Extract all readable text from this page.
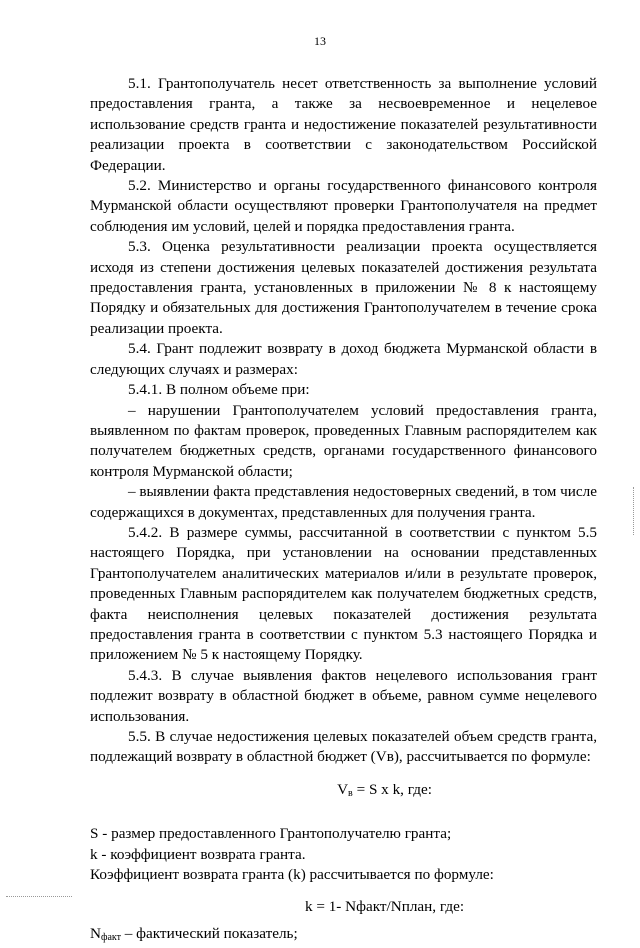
13

5.1. Грантополучатель несет ответственность за выполнение условий предоставления гранта, а также за несвоевременное и нецелевое использование средств гранта и недостижение показателей результативности реализации проекта в соответствии с законодательством Российской Федерации.

5.2. Министерство и органы государственного финансового контроля Мурманской области осуществляют проверки Грантополучателя на предмет соблюдения им условий, целей и порядка предоставления гранта.

5.3. Оценка результативности реализации проекта осуществляется исходя из степени достижения целевых показателей достижения результата предоставления гранта, установленных в приложении № 8 к настоящему Порядку и обязательных для достижения Грантополучателем в течение срока реализации проекта.

5.4. Грант подлежит возврату в доход бюджета Мурманской области в следующих случаях и размерах:

5.4.1. В полном объеме при:

– нарушении Грантополучателем условий предоставления гранта, выявленном по фактам проверок, проведенных Главным распорядителем как получателем бюджетных средств, органами государственного финансового контроля Мурманской области;

– выявлении факта представления недостоверных сведений, в том числе содержащихся в документах, представленных для получения гранта.

5.4.2. В размере суммы, рассчитанной в соответствии с пунктом 5.5 настоящего Порядка, при установлении на основании представленных Грантополучателем аналитических материалов и/или в результате проверок, проведенных Главным распорядителем как получателем бюджетных средств, факта неисполнения целевых показателей достижения результата предоставления гранта в соответствии с пунктом 5.3 настоящего Порядка и приложением № 5 к настоящему Порядку.

5.4.3. В случае выявления фактов нецелевого использования грант подлежит возврату в областной бюджет в объеме, равном сумме нецелевого использования.

5.5. В случае недостижения целевых показателей объем средств гранта, подлежащий возврату в областной бюджет (Vв), рассчитывается по формуле:

$V_в = S$ x k, где:

S - размер предоставленного Грантополучателю гранта;

k - коэффициент возврата гранта.

Коэффициент возврата гранта (k) рассчитывается по формуле:

k = 1- Nфакт/Nплан, где:

$N_{факт}$ – фактический показатель;
